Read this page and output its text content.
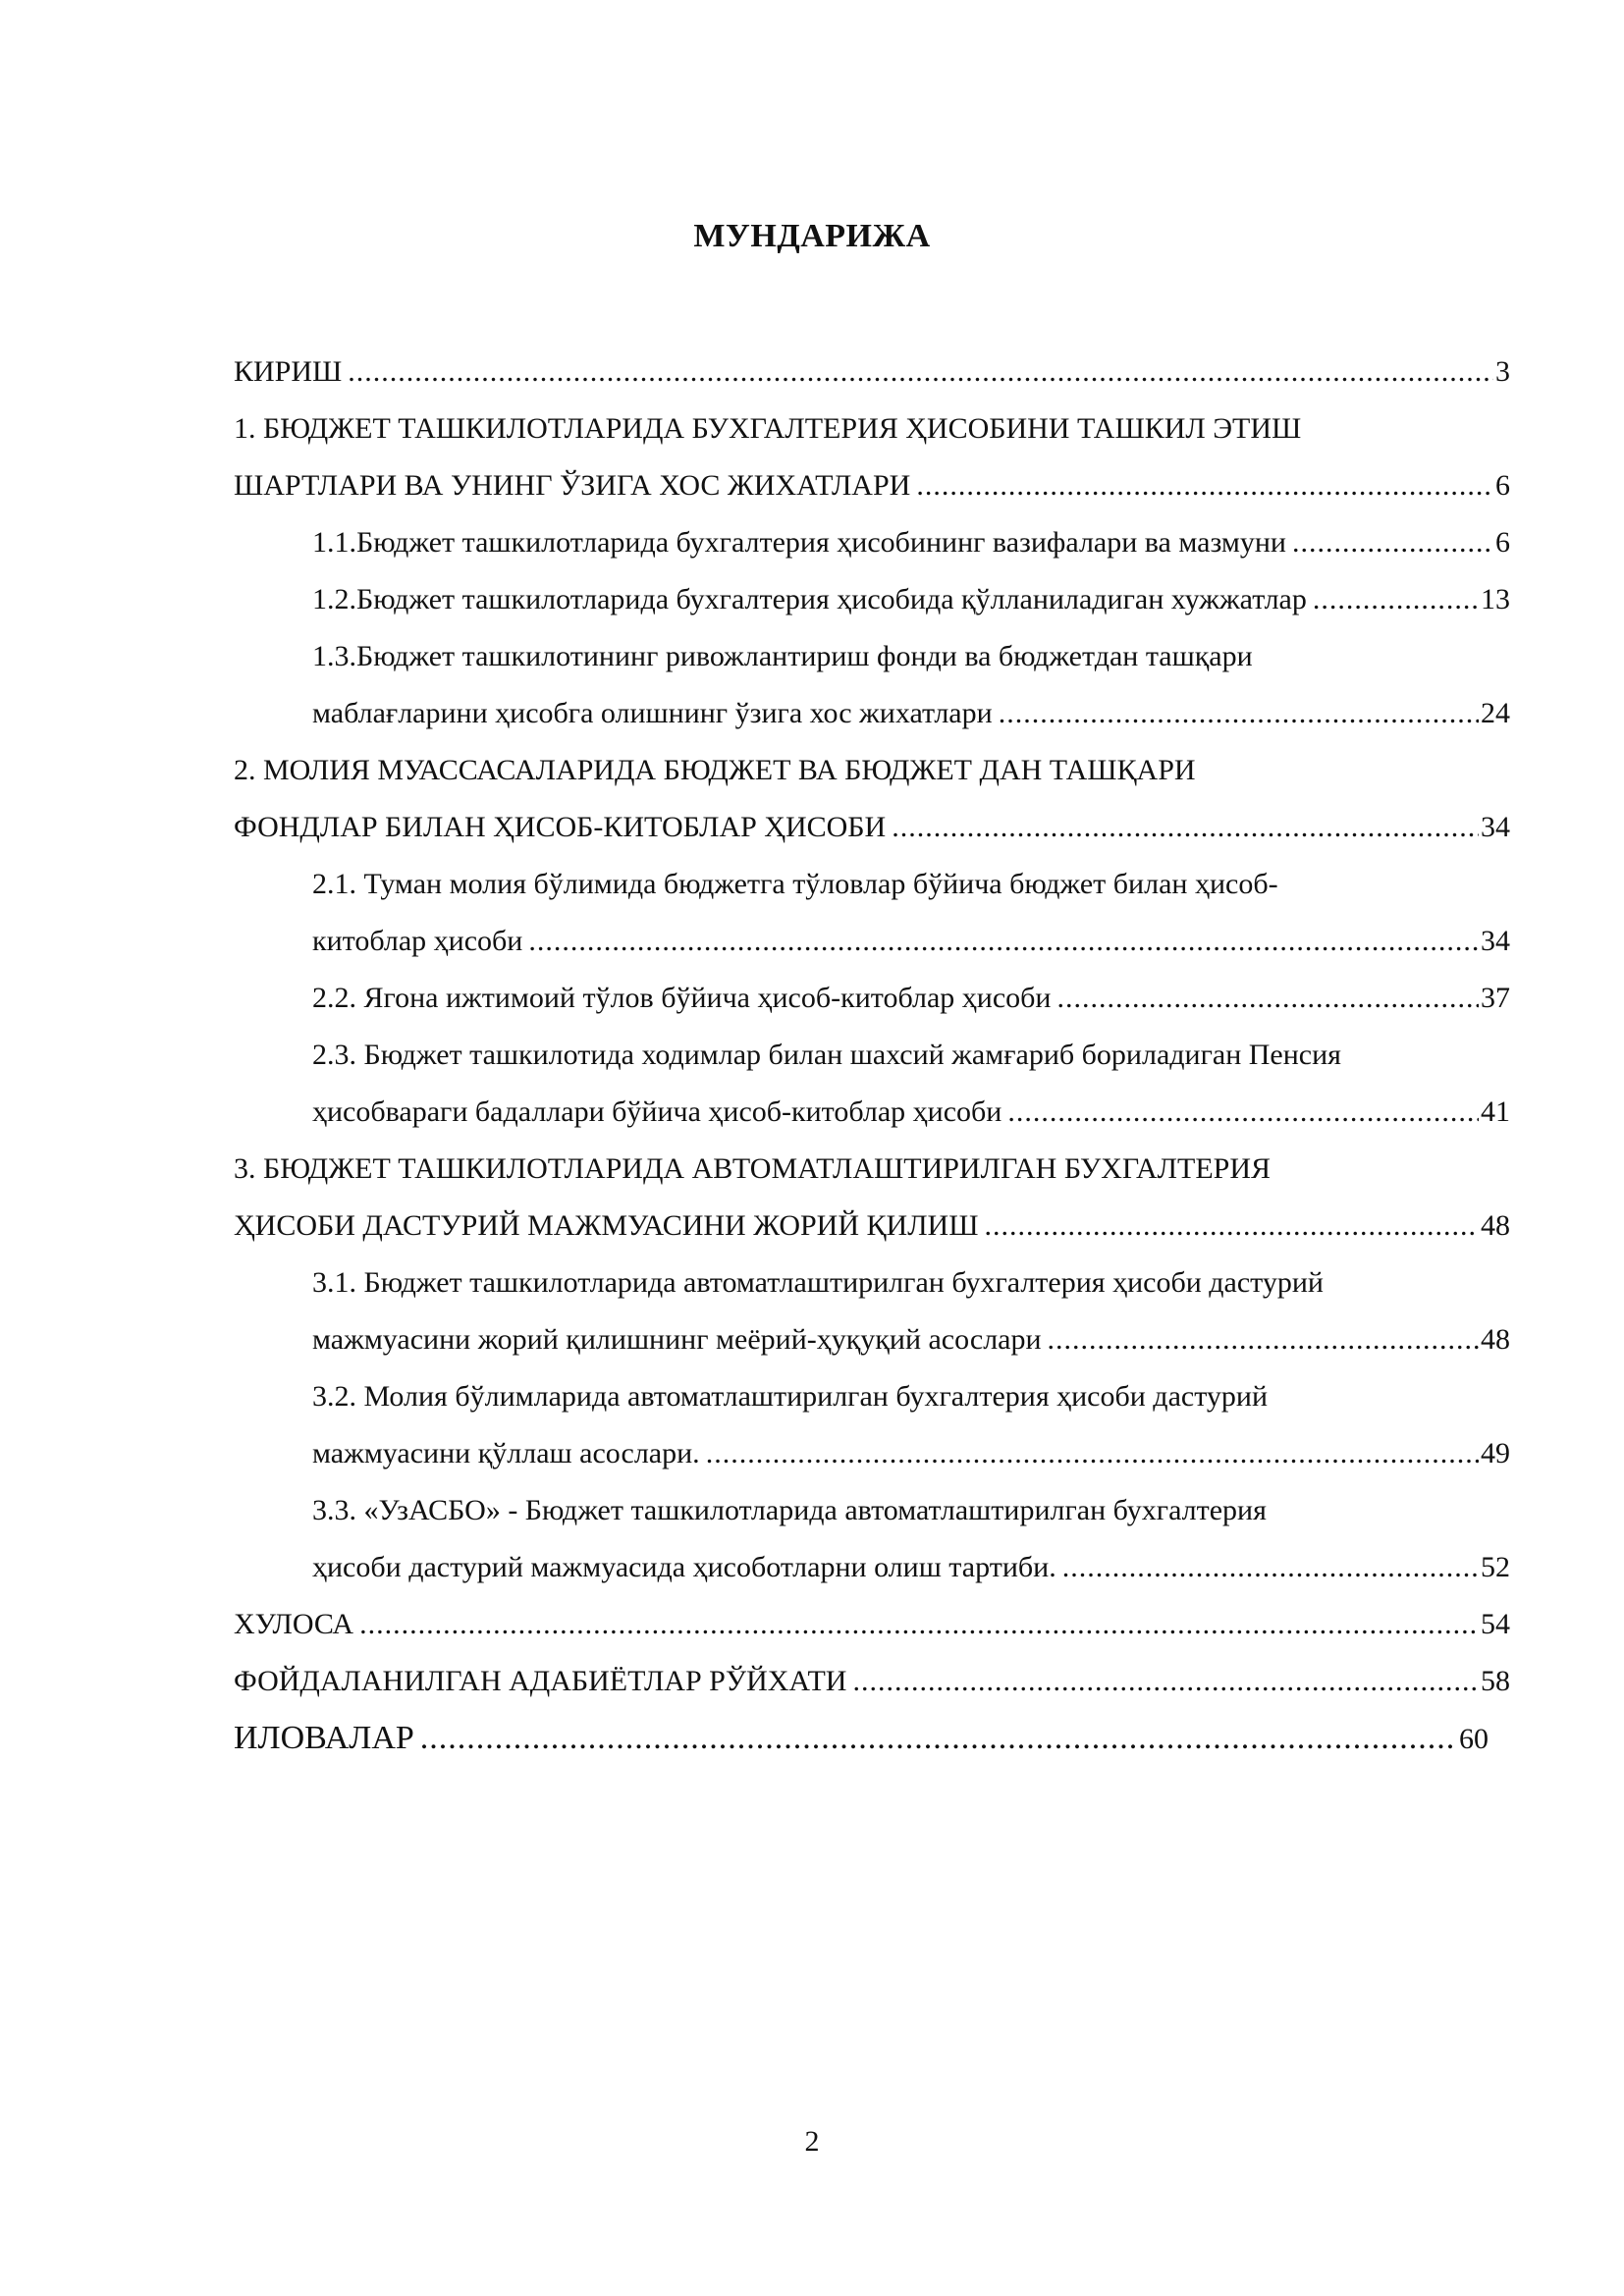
МУНДАРИЖА
КИРИШ .....	3
1. БЮДЖЕТ ТАШКИЛОТЛАРИДА БУХГАЛТЕРИЯ ҲИСОБИНИ ТАШКИЛ ЭТИШ
ШАРТЛАРИ ВА УНИНГ ЎЗИГА ХОС ЖИХАТЛАРИ .....	6
1.1.Бюджет ташкилотларида бухгалтерия ҳисобининг вазифалари ва мазмуни .....	6
1.2.Бюджет ташкилотларида бухгалтерия ҳисобида қўлланиладиган хужжатлар .....	13
1.3.Бюджет ташкилотининг ривожлантириш фонди ва бюджетдан ташқари
маблағларини ҳисобга олишнинг ўзига хос жихатлари .....	24
2. МОЛИЯ МУАССАСАЛАРИДА БЮДЖЕТ ВА БЮДЖЕТ ДАН ТАШҚАРИ
ФОНДЛАР БИЛАН ҲИСОБ-КИТОБЛАР ҲИСОБИ .....	34
2.1. Туман молия бўлимида бюджетга тўловлар бўйича бюджет билан ҳисоб-
китоблар ҳисоби .....	34
2.2. Ягона ижтимоий тўлов бўйича ҳисоб-китоблар ҳисоби .....	37
2.3. Бюджет ташкилотида ходимлар билан шахсий жамғариб бориладиган Пенсия
ҳисобвараги бадаллари бўйича ҳисоб-китоблар ҳисоби .....	41
3. БЮДЖЕТ ТАШКИЛОТЛАРИДА АВТОМАТЛАШТИРИЛГАН БУХГАЛТЕРИЯ
ҲИСОБИ ДАСТУРИЙ МАЖМУАСИНИ ЖОРИЙ ҚИЛИШ .....	48
3.1. Бюджет ташкилотларида автоматлаштирилган бухгалтерия ҳисоби дастурий
мажмуасини жорий қилишнинг меёрий-ҳуқуқий асослари .....	48
3.2. Молия бўлимларида автоматлаштирилган бухгалтерия ҳисоби дастурий
мажмуасини қўллаш асослари. .....	49
3.3. «УзАСБО» - Бюджет ташкилотларида автоматлаштирилган бухгалтерия
ҳисоби дастурий мажмуасида ҳисоботларни олиш тартиби. .....	52
ХУЛОСА .....	54
ФОЙДАЛАНИЛГАН АДАБИЁТЛАР РЎЙХАТИ .....	58
ИЛОВАЛАР .....	60
2
